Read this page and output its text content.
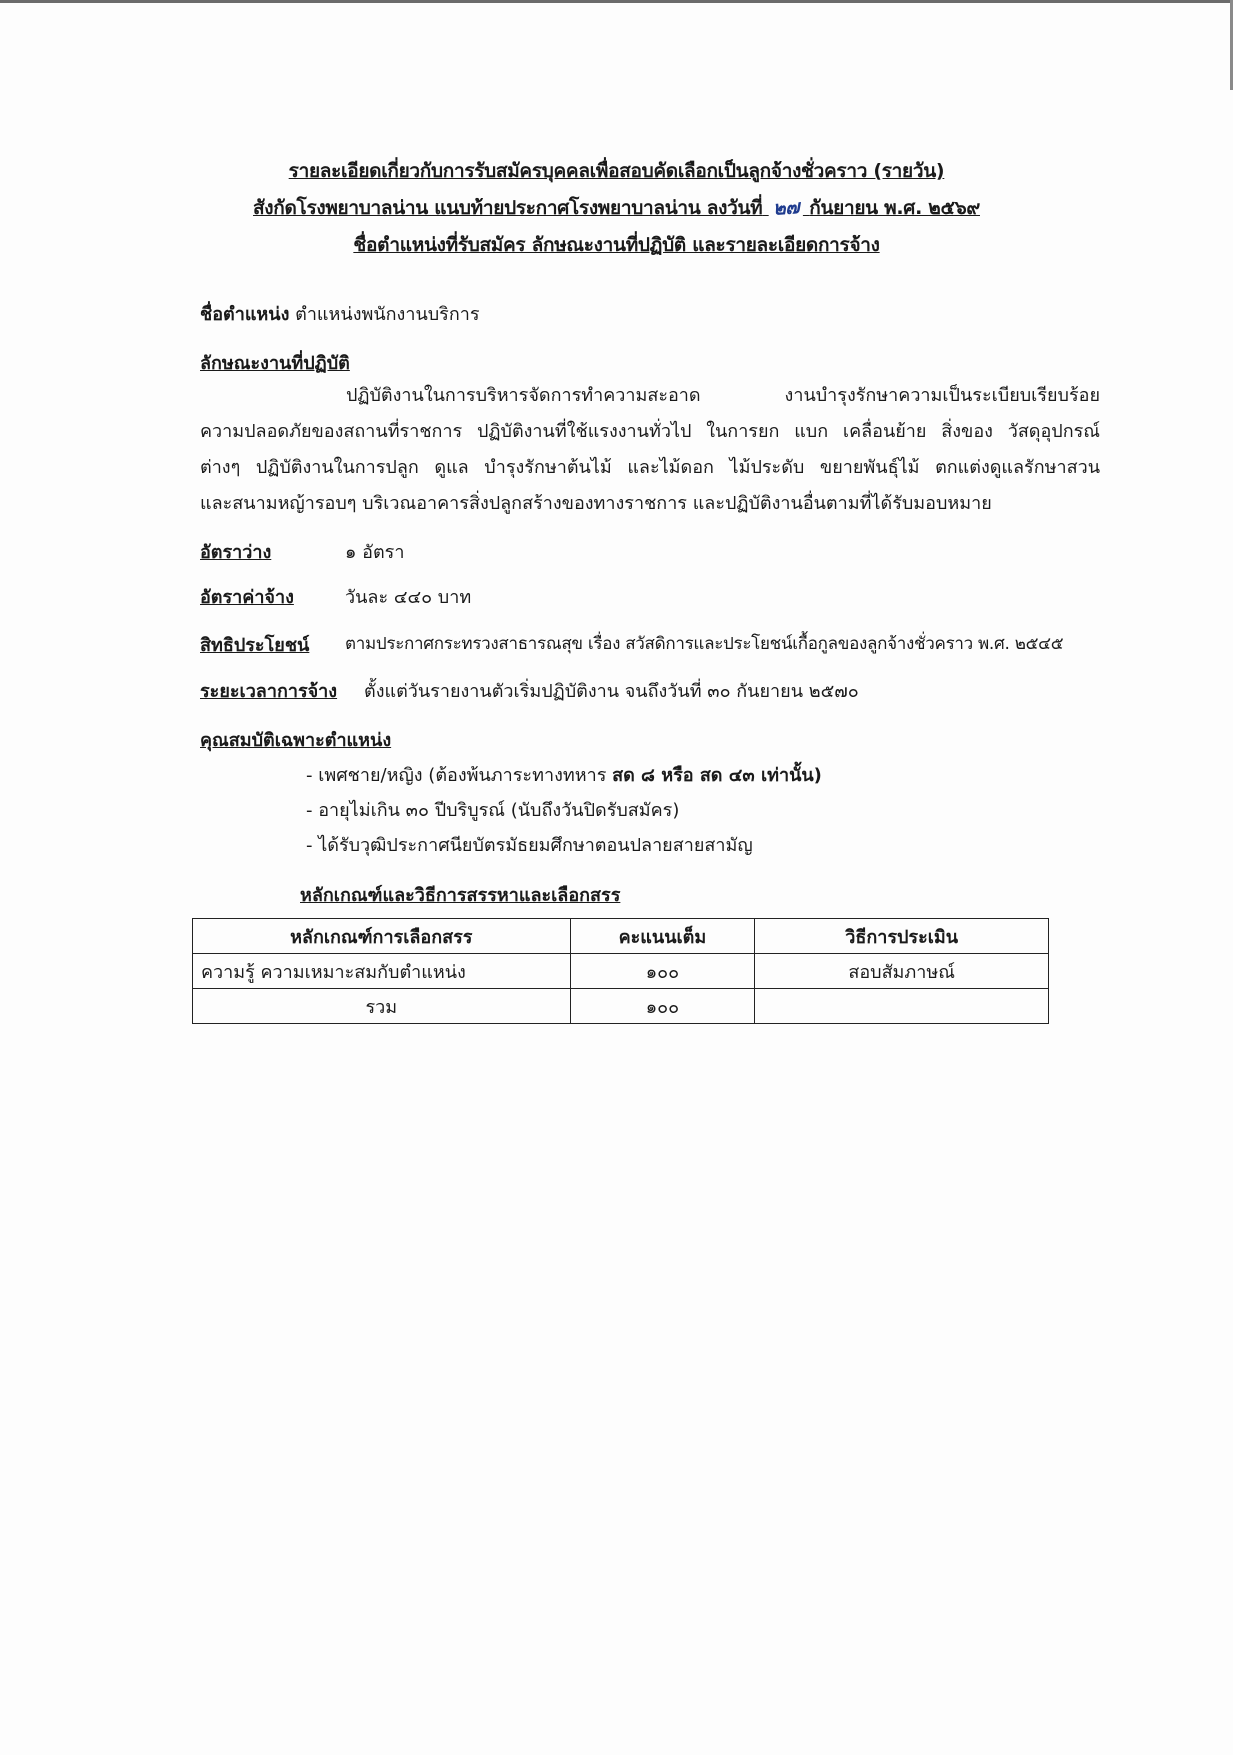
รายละเอียดเกี่ยวกับการรับสมัครบุคคลเพื่อสอบคัดเลือกเป็นลูกจ้างชั่วคราว (รายวัน)
สังกัดโรงพยาบาลน่าน แนบท้ายประกาศโรงพยาบาลน่าน ลงวันที่ ๒๗ กันยายน พ.ศ. ๒๕๖๙
ชื่อตำแหน่งที่รับสมัคร ลักษณะงานที่ปฏิบัติ และรายละเอียดการจ้าง
ชื่อตำแหน่ง ตำแหน่งพนักงานบริการ
ลักษณะงานที่ปฏิบัติ
ปฏิบัติงานในการบริหารจัดการทำความสะอาด งานบำรุงรักษาความเป็นระเบียบเรียบร้อย
ความปลอดภัยของสถานที่ราชการ ปฏิบัติงานที่ใช้แรงงานทั่วไป ในการยก แบก เคลื่อนย้าย สิ่งของ วัสดุอุปกรณ์
ต่างๆ ปฏิบัติงานในการปลูก ดูแล บำรุงรักษาต้นไม้ และไม้ดอก ไม้ประดับ ขยายพันธุ์ไม้ ตกแต่งดูแลรักษาสวน
และสนามหญ้ารอบๆ บริเวณอาคารสิ่งปลูกสร้างของทางราชการ และปฏิบัติงานอื่นตามที่ได้รับมอบหมาย
อัตราว่าง	๑ อัตรา
อัตราค่าจ้าง	วันละ ๔๔๐ บาท
สิทธิประโยชน์ ตามประกาศกระทรวงสาธารณสุข เรื่อง สวัสดิการและประโยชน์เกื้อกูลของลูกจ้างชั่วคราว พ.ศ. ๒๕๔๕
ระยะเวลาการจ้าง ตั้งแต่วันรายงานตัวเริ่มปฏิบัติงาน จนถึงวันที่ ๓๐ กันยายน ๒๕๗๐
คุณสมบัติเฉพาะตำแหน่ง
- เพศชาย/หญิง (ต้องพ้นภาระทางทหาร สด ๘ หรือ สด ๔๓ เท่านั้น)
- อายุไม่เกิน ๓๐ ปีบริบูรณ์ (นับถึงวันปิดรับสมัคร)
- ได้รับวุฒิประกาศนียบัตรมัธยมศึกษาตอนปลายสายสามัญ
หลักเกณฑ์และวิธีการสรรหาและเลือกสรร
หลักเกณฑ์การเลือกสรร	คะแนนเต็ม	วิธีการประเมิน
ความรู้ ความเหมาะสมกับตำแหน่ง	๑๐๐	สอบสัมภาษณ์
รวม	๑๐๐	
